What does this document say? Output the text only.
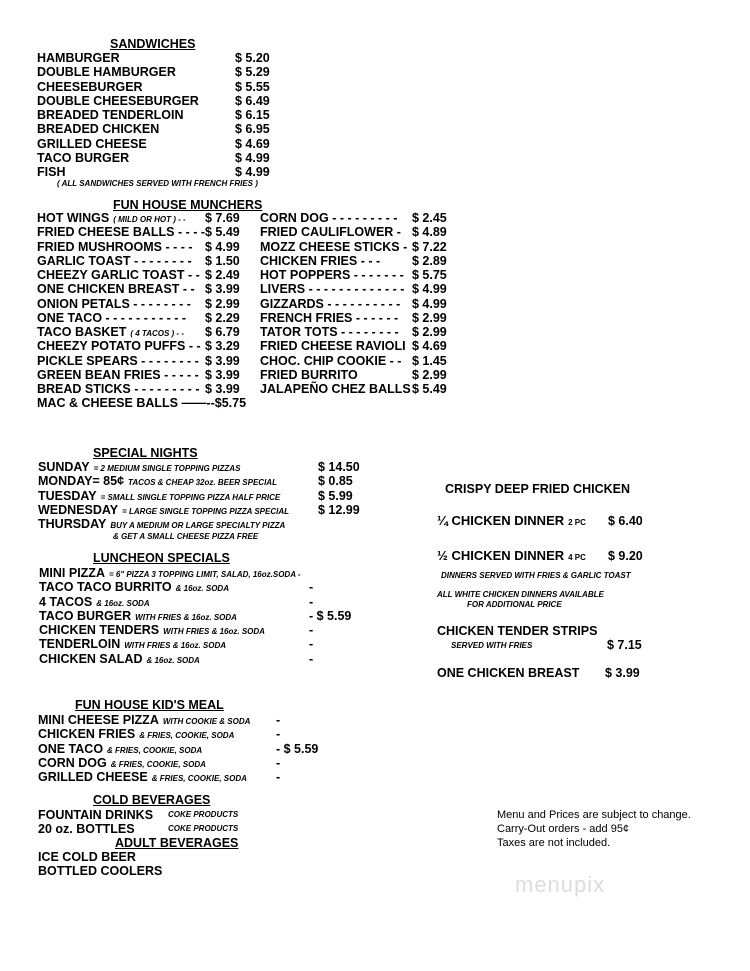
SANDWICHES
HAMBURGER	$ 5.20
DOUBLE HAMBURGER	$ 5.29
CHEESEBURGER	$ 5.55
DOUBLE CHEESEBURGER	$ 6.49
BREADED TENDERLOIN	$ 6.15
BREADED CHICKEN	$ 6.95
GRILLED CHEESE	$ 4.69
TACO BURGER	$ 4.99
FISH	$ 4.99
( ALL SANDWICHES SERVED WITH FRENCH FRIES )
FUN HOUSE MUNCHERS
HOT WINGS ( MILD OR HOT ) - - $ 7.69
FRIED CHEESE BALLS - - - - $ 5.49
FRIED MUSHROOMS - - - - $ 4.99
GARLIC TOAST - - - - - - - - $ 1.50
CHEEZY GARLIC TOAST - - $ 2.49
ONE CHICKEN BREAST - - $ 3.99
ONION PETALS - - - - - - - - $ 2.99
ONE TACO - - - - - - - - - - - $ 2.29
TACO BASKET ( 4 TACOS ) - - $ 6.79
CHEEZY POTATO PUFFS - - $ 3.29
PICKLE SPEARS - - - - - - - - $ 3.99
GREEN BEAN FRIES - - - - - $ 3.99
BREAD STICKS - - - - - - - - - $ 3.99
MAC & CHEESE BALLS ——--$5.75
CORN DOG - - - - - - - - - $ 2.45
FRIED CAULIFLOWER - $ 4.89
MOZZ CHEESE STICKS - $ 7.22
CHICKEN FRIES - - -	$ 2.89
HOT POPPERS - - - - - - - $ 5.75
LIVERS - - - - - - - - - - - - - $ 4.99
GIZZARDS - - - - - - - - - - $ 4.99
FRENCH FRIES - - - - - - $ 2.99
TATOR TOTS - - - - - - - - $ 2.99
FRIED CHEESE RAVIOLI $ 4.69
CHOC. CHIP COOKIE - - $ 1.45
FRIED BURRITO	$ 2.99
JALAPEÑO CHEZ BALLS $ 5.49
SPECIAL NIGHTS
SUNDAY = 2 MEDIUM SINGLE TOPPING PIZZAS	$ 14.50
MONDAY= 85¢ TACOS & CHEAP 32oz. BEER SPECIAL	$ 0.85
TUESDAY = SMALL SINGLE TOPPING PIZZA HALF PRICE	$ 5.99
WEDNESDAY = LARGE SINGLE TOPPING PIZZA SPECIAL $ 12.99
THURSDAY BUY A MEDIUM OR LARGE SPECIALTY PIZZA
& GET A SMALL CHEESE PIZZA FREE
LUNCHEON SPECIALS
MINI PIZZA = 6" PIZZA 3 TOPPING LIMIT, SALAD, 16oz.SODA -
TACO TACO BURRITO & 16oz. SODA	-
4 TACOS & 16oz. SODA	-
TACO BURGER WITH FRIES & 16oz. SODA	- $ 5.59
CHICKEN TENDERS WITH FRIES & 16oz. SODA	-
TENDERLOIN WITH FRIES & 16oz. SODA	-
CHICKEN SALAD & 16oz. SODA	-
FUN HOUSE KID'S MEAL
MINI CHEESE PIZZA WITH COOKIE & SODA -
CHICKEN FRIES & FRIES, COOKIE, SODA	-
ONE TACO & FRIES, COOKIE, SODA	- $ 5.59
CORN DOG & FRIES, COOKIE, SODA	-
GRILLED CHEESE & FRIES, COOKIE, SODA -
COLD BEVERAGES
FOUNTAIN DRINKS COKE PRODUCTS
20 oz. BOTTLES	COKE PRODUCTS
ADULT BEVERAGES
ICE COLD BEER
BOTTLED COOLERS
CRISPY DEEP FRIED CHICKEN
¼ CHICKEN DINNER 2 PC $ 6.40
½ CHICKEN DINNER 4 PC $ 9.20
DINNERS SERVED WITH FRIES & GARLIC TOAST
ALL WHITE CHICKEN DINNERS AVAILABLE
FOR ADDITIONAL PRICE
CHICKEN TENDER STRIPS
SERVED WITH FRIES	$ 7.15
ONE CHICKEN BREAST $ 3.99
Menu and Prices are subject to change.
Carry-Out orders - add 95¢
Taxes are not included.
menupix
